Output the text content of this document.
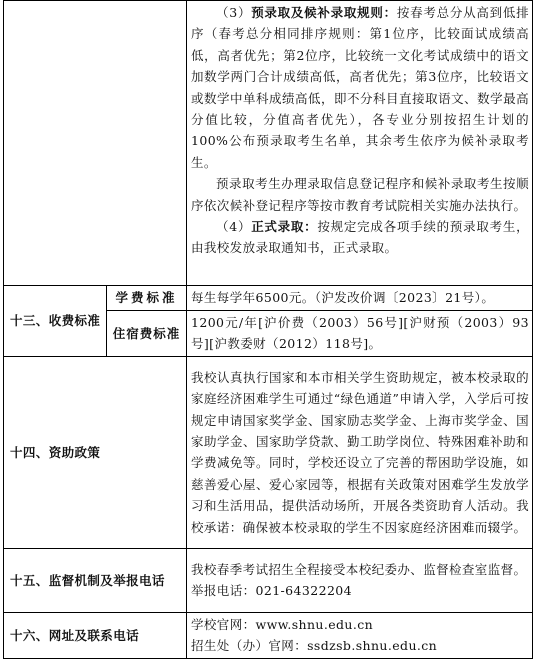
		（3）预录取及候补录取规则：按春考总分从高到低排序（春考总分相同排序规则：第1位序，比较面试成绩高低，高者优先；第2位序，比较统一文化考试成绩中的语文加数学两门合计成绩高低，高者优先；第3位序，比较语文或数学中单科成绩高低，即不分科目直接取语文、数学最高分值比较，分值高者优先），各专业分别按招生计划的100%公布预录取考生名单，其余考生依序为候补录取考生。

预录取考生办理录取信息登记程序和候补录取考生按顺序依次候补登记程序等按市教育考试院相关实施办法执行。

（4）正式录取：按规定完成各项手续的预录取考生，由我校发放录取通知书，正式录取。

十三、收费标准	学费标准	每生每学年6500元。（沪发改价调〔2023〕21号）。
	住宿费标准	1200元/年[沪价费（2003）56号][沪财预（2003）93号][沪教委财（2012）118号]。
十四、资助政策		我校认真执行国家和本市相关学生资助规定，被本校录取的家庭经济困难学生可通过“绿色通道”申请入学，入学后可按规定申请国家奖学金、国家励志奖学金、上海市奖学金、国家助学金、国家助学贷款、勤工助学岗位、特殊困难补助和学费减免等。同时，学校还设立了完善的帮困助学设施，如慈善爱心屋、爱心家园等，根据有关政策对困难学生发放学习和生活用品，提供活动场所，开展各类资助育人活动。我校承诺：确保被本校录取的学生不因家庭经济困难而辍学。
十五、监督机制及举报电话		我校春季考试招生全程接受本校纪委办、监督检查室监督。

举报电话：021-64322204

十六、网址及联系电话		学校官网：www.shnu.edu.cn

招生处（办）官网：ssdzsb.shnu.edu.cn
